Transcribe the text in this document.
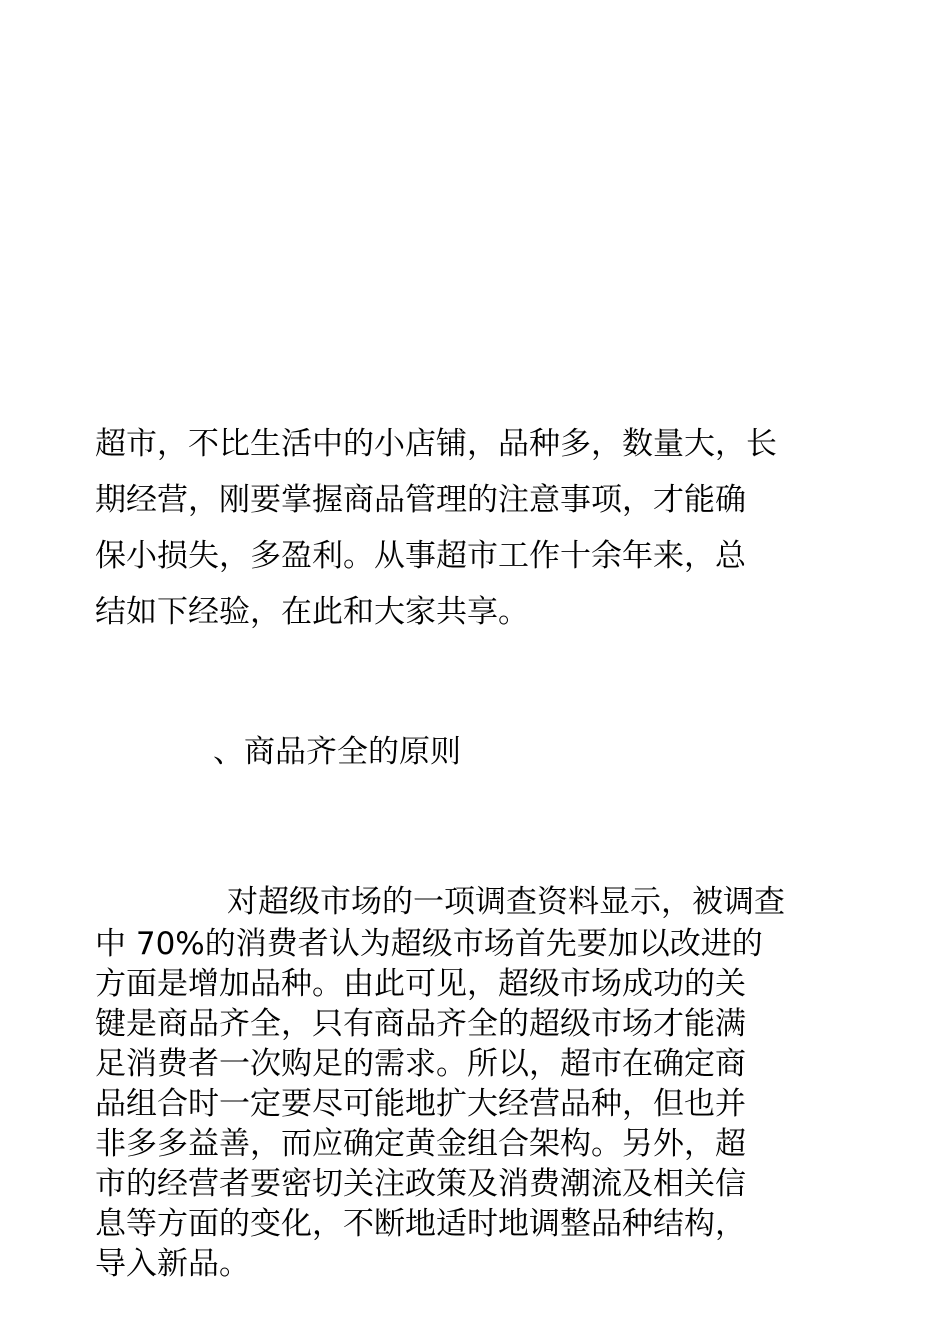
超市，不比生活中的小店铺，品种多，数量大，长
期经营，刚要掌握商品管理的注意事项，才能确
保小损失，多盈利。从事超市工作十余年来，总
结如下经验，在此和大家共享。

、商品齐全的原则

对超级市场的一项调查资料显示，被调查
中 70%的消费者认为超级市场首先要加以改进的
方面是增加品种。由此可见，超级市场成功的关
键是商品齐全，只有商品齐全的超级市场才能满
足消费者一次购足的需求。所以，超市在确定商
品组合时一定要尽可能地扩大经营品种，但也并
非多多益善，而应确定黄金组合架构。另外，超
市的经营者要密切关注政策及消费潮流及相关信
息等方面的变化，不断地适时地调整品种结构，
导入新品。
